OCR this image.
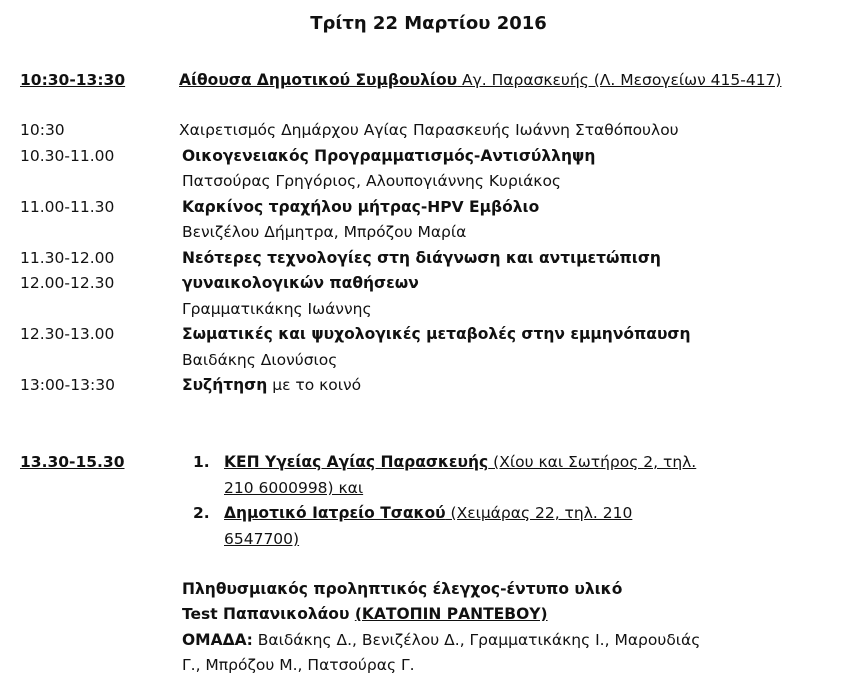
Τρίτη 22 Μαρτίου 2016
10:30-13:30	Αίθουσα Δημοτικού Συμβουλίου Αγ. Παρασκευής (Λ. Μεσογείων 415-417)
10:30	Χαιρετισμός Δημάρχου Αγίας Παρασκευής Ιωάννη Σταθόπουλου
10.30-11.00	Οικογενειακός Προγραμματισμός-Αντισύλληψη
Πατσούρας Γρηγόριος, Αλουπογιάννης Κυριάκος
11.00-11.30	Καρκίνος τραχήλου μήτρας-HPV Εμβόλιο
Βενιζέλου Δήμητρα, Μπρόζου Μαρία
11.30-12.00	Νεότερες τεχνολογίες στη διάγνωση και αντιμετώπιση
12.00-12.30	γυναικολογικών παθήσεων
Γραμματικάκης Ιωάννης
12.30-13.00	Σωματικές και ψυχολογικές μεταβολές στην εμμηνόπαυση
Βαιδάκης Διονύσιος
13:00-13:30	Συζήτηση με το κοινό
13.30-15.30	1. ΚΕΠ Υγείας Αγίας Παρασκευής (Χίου και Σωτήρος 2, τηλ.
210 6000998) και
2. Δημοτικό Ιατρείο Τσακού (Χειμάρας 22, τηλ. 210
6547700)
Πληθυσμιακός προληπτικός έλεγχος-έντυπο υλικό
Test Παπανικολάου (ΚΑΤΟΠΙΝ ΡΑΝΤΕΒΟΥ)
ΟΜΑΔΑ: Βαιδάκης Δ., Βενιζέλου Δ., Γραμματικάκης Ι., Μαρουδιάς
Γ., Μπρόζου Μ., Πατσούρας Γ.
